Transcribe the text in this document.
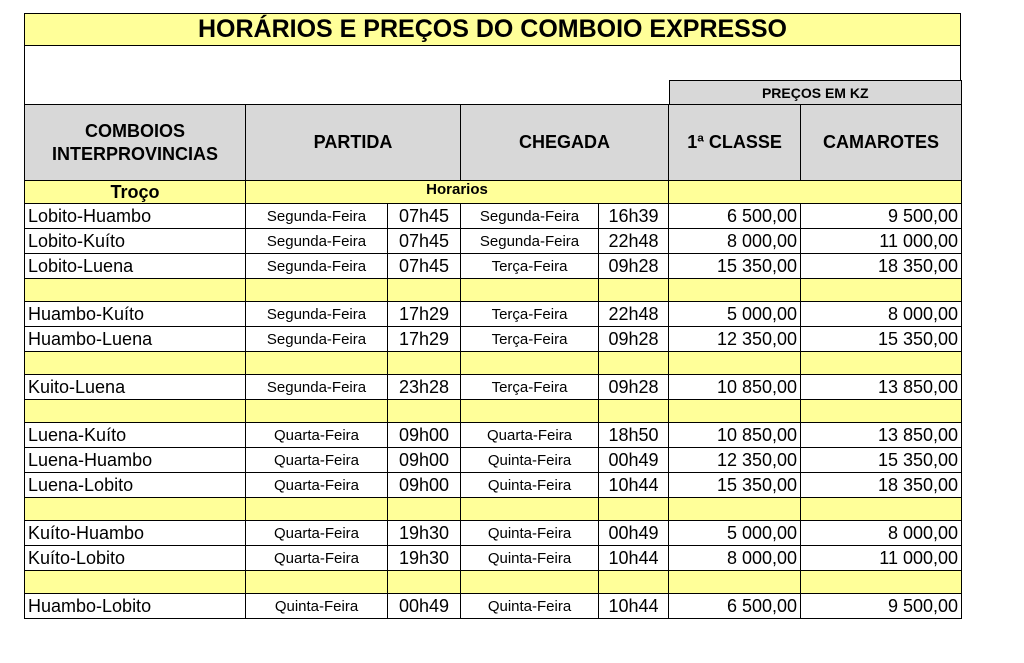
HORÁRIOS E PREÇOS DO COMBOIO EXPRESSO
PREÇOS EM KZ
COMBOIOS INTERPROVINCIAS	PARTIDA		CHEGADA		1ª CLASSE	CAMAROTES
Troço	Horarios					
Lobito-Huambo	Segunda-Feira	07h45	Segunda-Feira	16h39	6 500,00	9 500,00
Lobito-Kuíto	Segunda-Feira	07h45	Segunda-Feira	22h48	8 000,00	11 000,00
Lobito-Luena	Segunda-Feira	07h45	Terça-Feira	09h28	15 350,00	18 350,00

Huambo-Kuíto	Segunda-Feira	17h29	Terça-Feira	22h48	5 000,00	8 000,00
Huambo-Luena	Segunda-Feira	17h29	Terça-Feira	09h28	12 350,00	15 350,00

Kuito-Luena	Segunda-Feira	23h28	Terça-Feira	09h28	10 850,00	13 850,00

Luena-Kuíto	Quarta-Feira	09h00	Quarta-Feira	18h50	10 850,00	13 850,00
Luena-Huambo	Quarta-Feira	09h00	Quinta-Feira	00h49	12 350,00	15 350,00
Luena-Lobito	Quarta-Feira	09h00	Quinta-Feira	10h44	15 350,00	18 350,00

Kuíto-Huambo	Quarta-Feira	19h30	Quinta-Feira	00h49	5 000,00	8 000,00
Kuíto-Lobito	Quarta-Feira	19h30	Quinta-Feira	10h44	8 000,00	11 000,00

Huambo-Lobito	Quinta-Feira	00h49	Quinta-Feira	10h44	6 500,00	9 500,00
